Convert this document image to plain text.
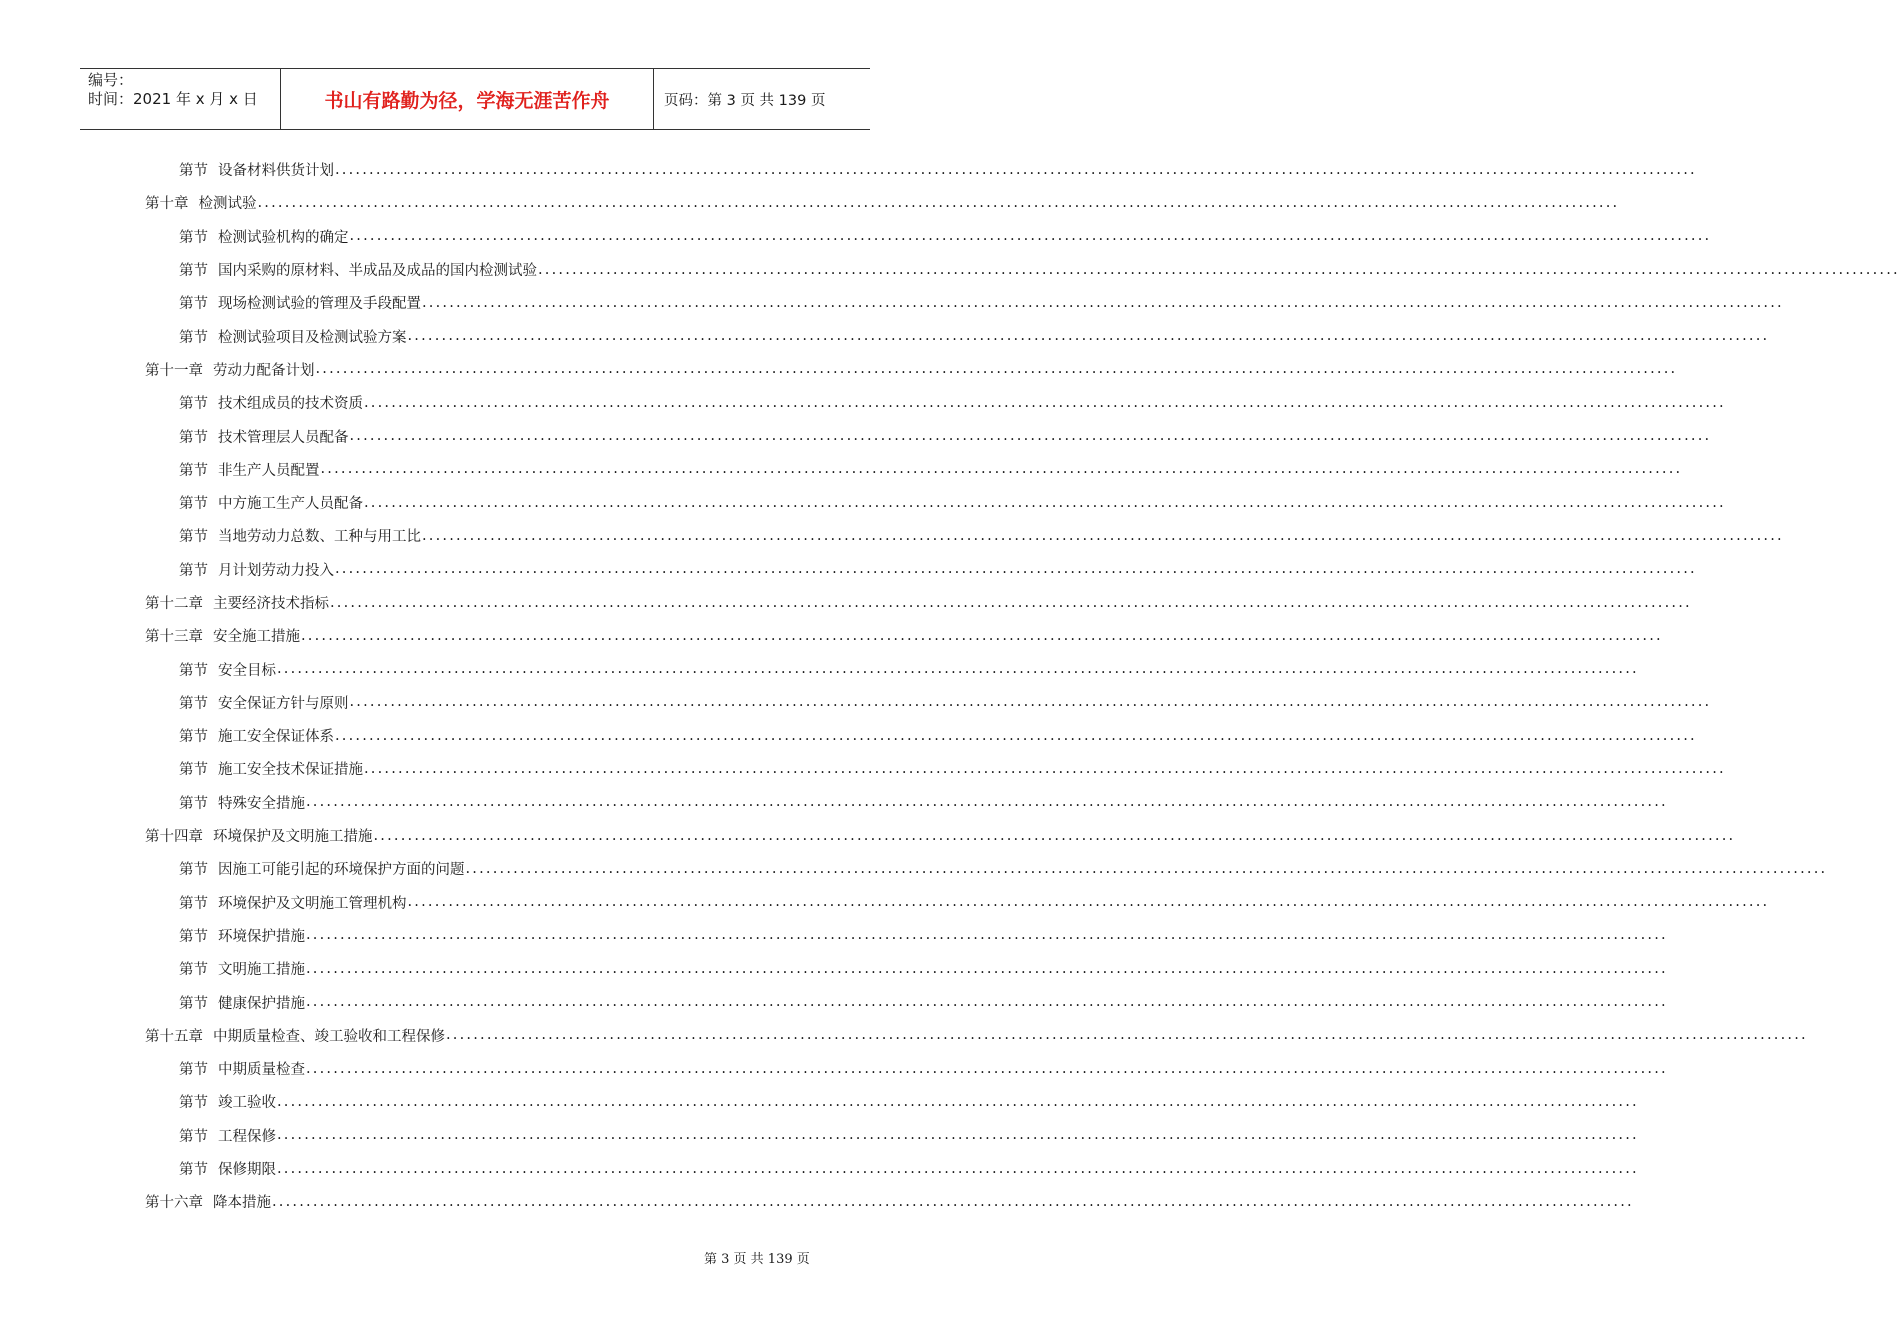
编号：
时间：2021 年 x 月 x 日	书山有路勤为径，学海无涯苦作舟	页码：第 3 页 共 139 页
第节 设备材料供货计划 ........................................................................................................................................................................................................
第十章 检测试验 ........................................................................................................................................................................................................
第节 检测试验机构的确定 ........................................................................................................................................................................................................
第节 国内采购的原材料、半成品及成品的国内检测试验 ........................................................................................................................................................................................................
第节 现场检测试验的管理及手段配置 ........................................................................................................................................................................................................
第节 检测试验项目及检测试验方案 ........................................................................................................................................................................................................
第十一章 劳动力配备计划 ........................................................................................................................................................................................................
第节 技术组成员的技术资质 ........................................................................................................................................................................................................
第节 技术管理层人员配备 ........................................................................................................................................................................................................
第节 非生产人员配置 ........................................................................................................................................................................................................
第节 中方施工生产人员配备 ........................................................................................................................................................................................................
第节 当地劳动力总数、工种与用工比 ........................................................................................................................................................................................................
第节 月计划劳动力投入 ........................................................................................................................................................................................................
第十二章 主要经济技术指标 ........................................................................................................................................................................................................
第十三章 安全施工措施 ........................................................................................................................................................................................................
第节 安全目标 ........................................................................................................................................................................................................
第节 安全保证方针与原则 ........................................................................................................................................................................................................
第节 施工安全保证体系 ........................................................................................................................................................................................................
第节 施工安全技术保证措施 ........................................................................................................................................................................................................
第节 特殊安全措施 ........................................................................................................................................................................................................
第十四章 环境保护及文明施工措施 ........................................................................................................................................................................................................
第节 因施工可能引起的环境保护方面的问题 ........................................................................................................................................................................................................
第节 环境保护及文明施工管理机构 ........................................................................................................................................................................................................
第节 环境保护措施 ........................................................................................................................................................................................................
第节 文明施工措施 ........................................................................................................................................................................................................
第节 健康保护措施 ........................................................................................................................................................................................................
第十五章 中期质量检查、竣工验收和工程保修 ........................................................................................................................................................................................................
第节 中期质量检查 ........................................................................................................................................................................................................
第节 竣工验收 ........................................................................................................................................................................................................
第节 工程保修 ........................................................................................................................................................................................................
第节 保修期限 ........................................................................................................................................................................................................
第十六章 降本措施 ........................................................................................................................................................................................................
第 3 页 共 139 页
